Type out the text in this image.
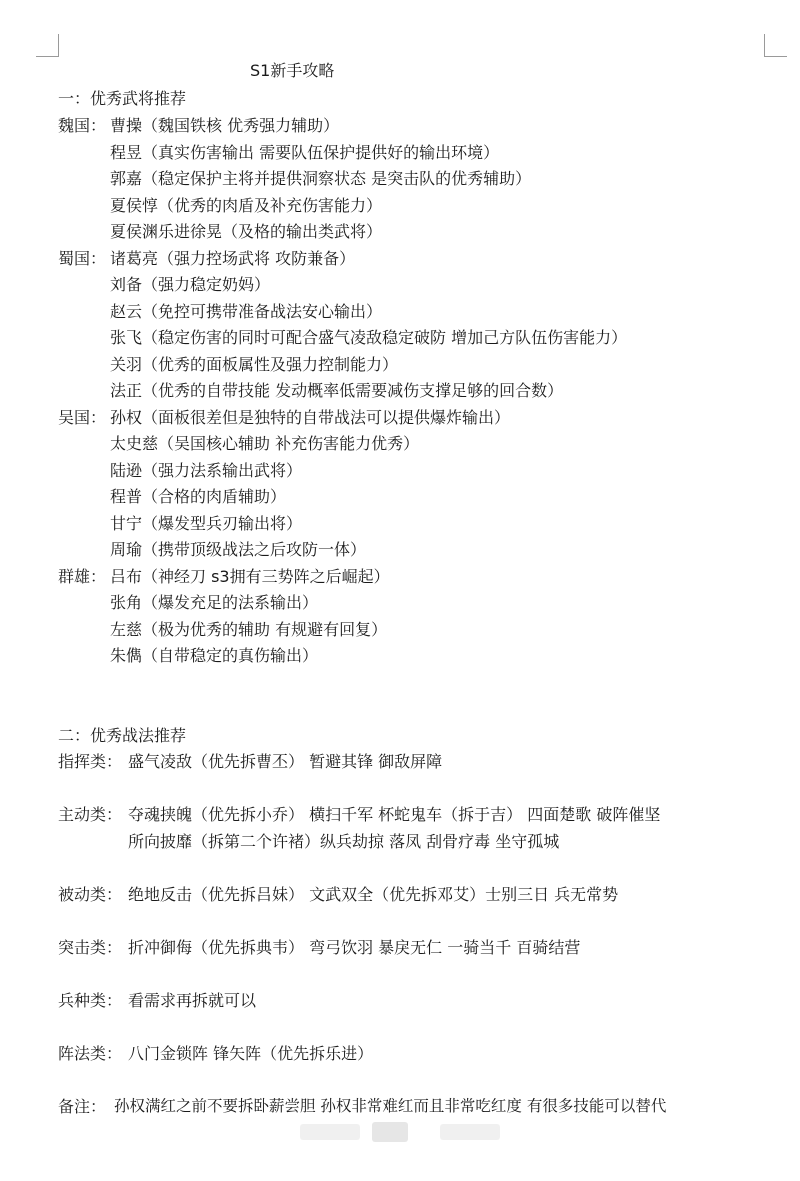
S1新手攻略
一：优秀武将推荐
魏国： 曹操（魏国铁核 优秀强力辅助）
程昱（真实伤害输出 需要队伍保护提供好的输出环境）
郭嘉（稳定保护主将并提供洞察状态 是突击队的优秀辅助）
夏侯惇（优秀的肉盾及补充伤害能力）
夏侯渊乐进徐晃（及格的输出类武将）
蜀国： 诸葛亮（强力控场武将 攻防兼备）
刘备（强力稳定奶妈）
赵云（免控可携带准备战法安心输出）
张飞（稳定伤害的同时可配合盛气凌敌稳定破防 增加己方队伍伤害能力）
关羽（优秀的面板属性及强力控制能力）
法正（优秀的自带技能 发动概率低需要减伤支撑足够的回合数）
吴国： 孙权（面板很差但是独特的自带战法可以提供爆炸输出）
太史慈（吴国核心辅助 补充伤害能力优秀）
陆逊（强力法系输出武将）
程普（合格的肉盾辅助）
甘宁（爆发型兵刃输出将）
周瑜（携带顶级战法之后攻防一体）
群雄： 吕布（神经刀 s3拥有三势阵之后崛起）
张角（爆发充足的法系输出）
左慈（极为优秀的辅助 有规避有回复）
朱儁（自带稳定的真伤输出）
二：优秀战法推荐
指挥类： 盛气凌敌（优先拆曹丕） 暂避其锋 御敌屏障
主动类： 夺魂挟魄（优先拆小乔） 横扫千军 杯蛇鬼车（拆于吉） 四面楚歌 破阵催坚
所向披靡（拆第二个许褚）纵兵劫掠 落凤 刮骨疗毒 坐守孤城
被动类： 绝地反击（优先拆吕妹） 文武双全（优先拆邓艾）士别三日 兵无常势
突击类： 折冲御侮（优先拆典韦） 弯弓饮羽 暴戾无仁 一骑当千 百骑结营
兵种类： 看需求再拆就可以
阵法类： 八门金锁阵 锋矢阵（优先拆乐进）
备注： 孙权满红之前不要拆卧薪尝胆 孙权非常难红而且非常吃红度 有很多技能可以替代
